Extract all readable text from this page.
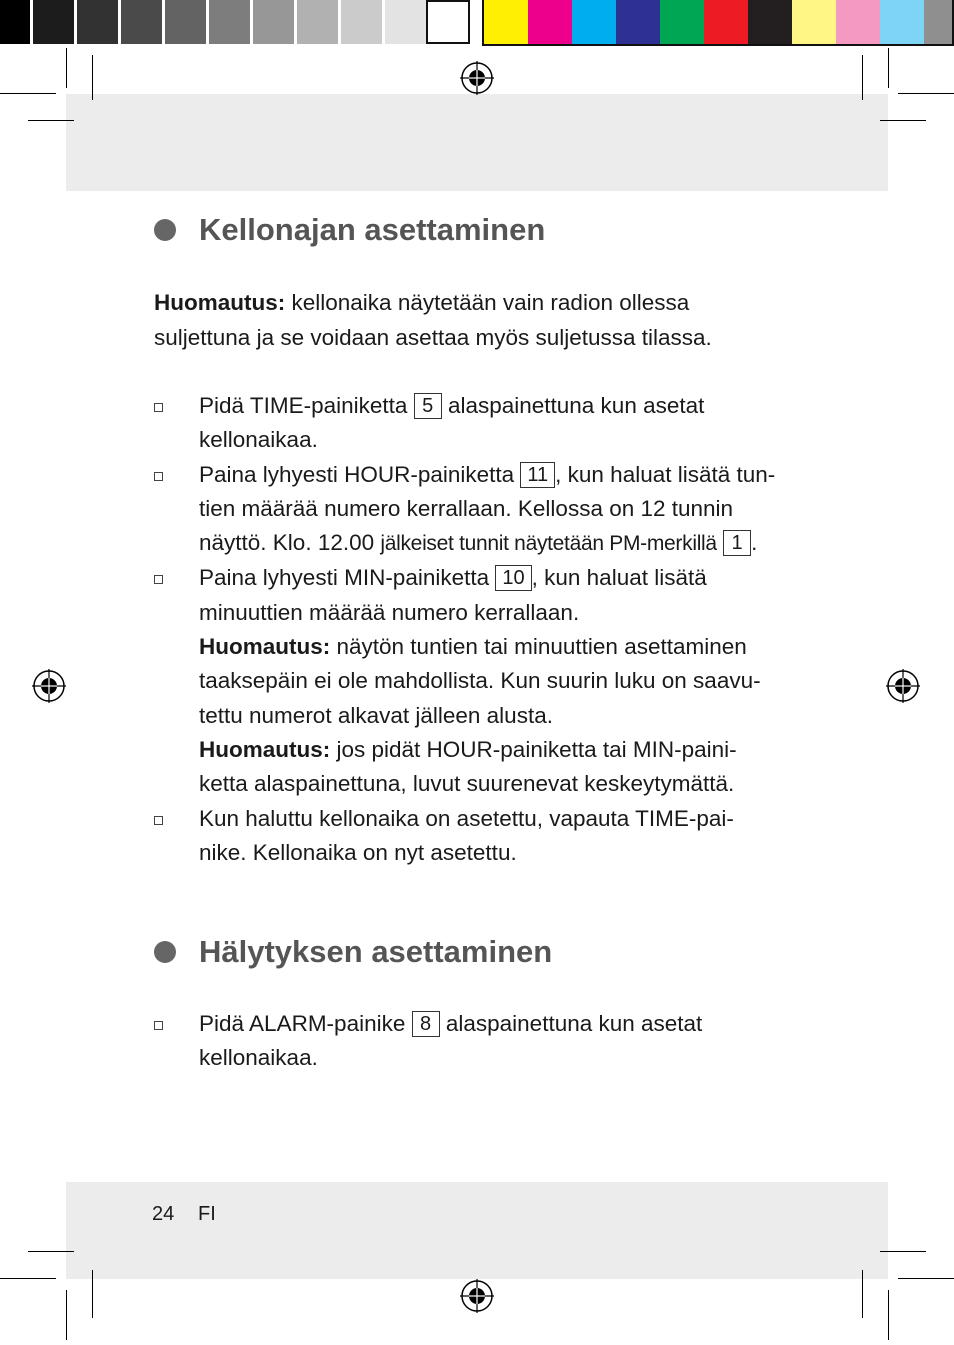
Kellonajan asettaminen
Huomautus: kellonaika näytetään vain radion ollessa
suljettuna ja se voidaan asettaa myös suljetussa tilassa.
Pidä TIME-painiketta 5 alaspainettuna kun asetat
kellonaikaa.
Paina lyhyesti HOUR-painiketta 11 , kun haluat lisätä tun-
tien määrää numero kerrallaan. Kellossa on 12 tunnin
näyttö. Klo. 12.00 jälkeiset tunnit näytetään PM-merkillä 1 .
Paina lyhyesti MIN-painiketta 10 , kun haluat lisätä
minuuttien määrää numero kerrallaan.
Huomautus: näytön tuntien tai minuuttien asettaminen
taaksepäin ei ole mahdollista. Kun suurin luku on saavu-
tettu numerot alkavat jälleen alusta.
Huomautus: jos pidät HOUR-painiketta tai MIN-paini-
ketta alaspainettuna, luvut suurenevat keskeytymättä.
Kun haluttu kellonaika on asetettu, vapauta TIME-pai-
nike. Kellonaika on nyt asetettu.
Hälytyksen asettaminen
Pidä ALARM-painike 8 alaspainettuna kun asetat
kellonaikaa.
24 FI
